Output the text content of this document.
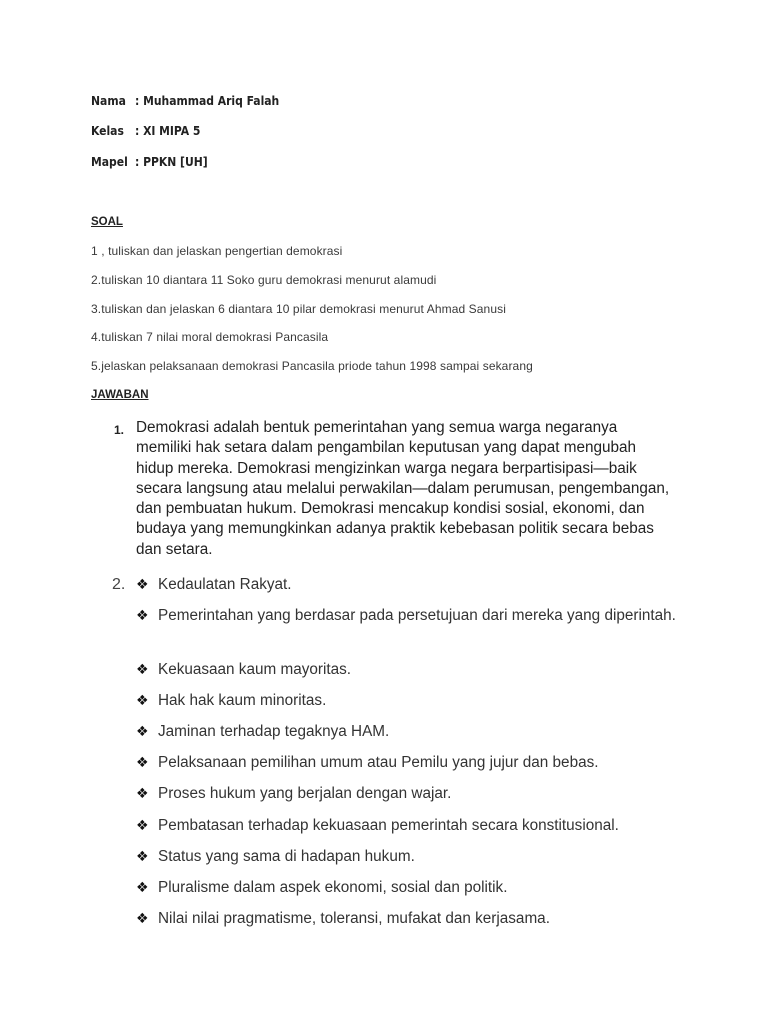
Nama : Muhammad Ariq Falah
Kelas : XI MIPA 5
Mapel : PPKN [UH]
SOAL
1 , tuliskan dan jelaskan pengertian demokrasi
2.tuliskan 10 diantara 11 Soko guru demokrasi menurut alamudi
3.tuliskan dan jelaskan 6 diantara 10 pilar demokrasi menurut Ahmad Sanusi
4.tuliskan 7 nilai moral demokrasi Pancasila
5.jelaskan pelaksanaan demokrasi Pancasila priode tahun 1998 sampai sekarang
JAWABAN
1. Demokrasi adalah bentuk pemerintahan yang semua warga negaranya memiliki hak setara dalam pengambilan keputusan yang dapat mengubah hidup mereka. Demokrasi mengizinkan warga negara berpartisipasi—baik secara langsung atau melalui perwakilan—dalam perumusan, pengembangan, dan pembuatan hukum. Demokrasi mencakup kondisi sosial, ekonomi, dan budaya yang memungkinkan adanya praktik kebebasan politik secara bebas dan setara.
2. ❖ Kedaulatan Rakyat.
❖ Pemerintahan yang berdasar pada persetujuan dari mereka yang diperintah.
❖ Kekuasaan kaum mayoritas.
❖ Hak hak kaum minoritas.
❖ Jaminan terhadap tegaknya HAM.
❖ Pelaksanaan pemilihan umum atau Pemilu yang jujur dan bebas.
❖ Proses hukum yang berjalan dengan wajar.
❖ Pembatasan terhadap kekuasaan pemerintah secara konstitusional.
❖ Status yang sama di hadapan hukum.
❖ Pluralisme dalam aspek ekonomi, sosial dan politik.
❖ Nilai nilai pragmatisme, toleransi, mufakat dan kerjasama.
